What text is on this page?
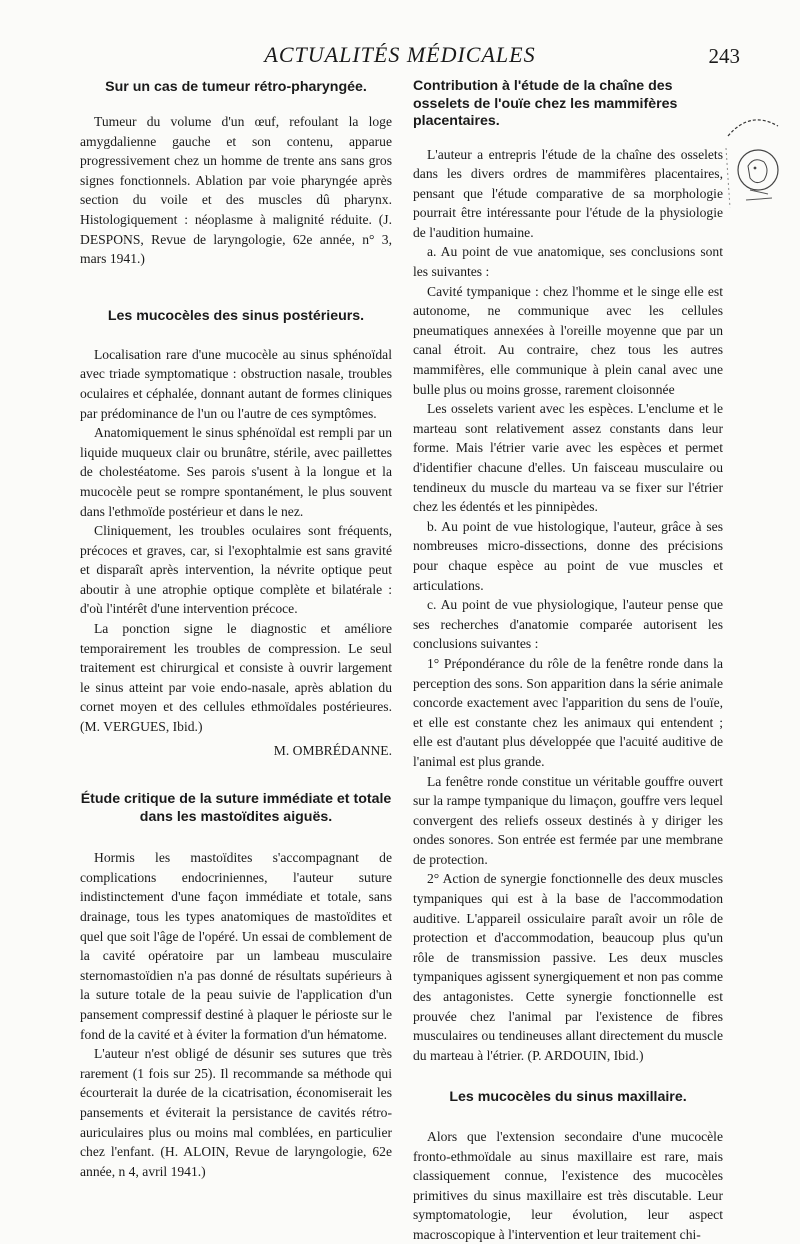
ACTUALITÉS MÉDICALES	243
Sur un cas de tumeur rétro-pharyngée.

Tumeur du volume d'un œuf, refoulant la loge amygdalienne gauche et son contenu, apparue progressivement chez un homme de trente ans sans gros signes fonctionnels. Ablation par voie pharyngée après section du voile et des muscles dû pharynx. Histologiquement : néoplasme à malignité réduite. (J. DESPONS, Revue de laryngologie, 62e année, n° 3, mars 1941.)

Les mucocèles des sinus postérieurs.

Localisation rare d'une mucocèle au sinus sphénoïdal avec triade symptomatique : obstruction nasale, troubles oculaires et céphalée, donnant autant de formes cliniques par prédominance de l'un ou l'autre de ces symptômes.

Anatomiquement le sinus sphénoïdal est rempli par un liquide muqueux clair ou brunâtre, stérile, avec paillettes de cholestéatome. Ses parois s'usent à la longue et la mucocèle peut se rompre spontanément, le plus souvent dans l'ethmoïde postérieur et dans le nez.

Cliniquement, les troubles oculaires sont fréquents, précoces et graves, car, si l'exophtalmie est sans gravité et disparaît après intervention, la névrite optique peut aboutir à une atrophie optique complète et bilatérale : d'où l'intérêt d'une intervention précoce.

La ponction signe le diagnostic et améliore temporairement les troubles de compression. Le seul traitement est chirurgical et consiste à ouvrir largement le sinus atteint par voie endo-nasale, après ablation du cornet moyen et des cellules ethmoïdales postérieures. (M. VERGUES, Ibid.)

M. OMBRÉDANNE.

Étude critique de la suture immédiate et totale dans les mastoïdites aiguës.

Hormis les mastoïdites s'accompagnant de complications endocriniennes, l'auteur suture indistinctement d'une façon immédiate et totale, sans drainage, tous les types anatomiques de mastoïdites et quel que soit l'âge de l'opéré. Un essai de comblement de la cavité opératoire par un lambeau musculaire sternomastoïdien n'a pas donné de résultats supérieurs à la suture totale de la peau suivie de l'application d'un pansement compressif destiné à plaquer le périoste sur le fond de la cavité et à éviter la formation d'un hématome.

L'auteur n'est obligé de désunir ses sutures que très rarement (1 fois sur 25). Il recommande sa méthode qui écourterait la durée de la cicatrisation, économiserait les pansements et éviterait la persistance de cavités rétro-auriculaires plus ou moins mal comblées, en particulier chez l'enfant. (H. ALOIN, Revue de laryngologie, 62e année, n 4, avril 1941.)

Contribution à l'étude de la chaîne des osselets de l'ouïe chez les mammifères placentaires.

L'auteur a entrepris l'étude de la chaîne des osselets dans les divers ordres de mammifères placentaires, pensant que l'étude comparative de sa morphologie pourrait être intéressante pour l'étude de la physiologie de l'audition humaine.

a. Au point de vue anatomique, ses conclusions sont les suivantes :

Cavité tympanique : chez l'homme et le singe elle est autonome, ne communique avec les cellules pneumatiques annexées à l'oreille moyenne que par un canal étroit. Au contraire, chez tous les autres mammifères, elle communique à plein canal avec une bulle plus ou moins grosse, rarement cloisonnée

Les osselets varient avec les espèces. L'enclume et le marteau sont relativement assez constants dans leur forme. Mais l'étrier varie avec les espèces et permet d'identifier chacune d'elles. Un faisceau musculaire ou tendineux du muscle du marteau va se fixer sur l'étrier chez les édentés et les pinnipèdes.

b. Au point de vue histologique, l'auteur, grâce à ses nombreuses micro-dissections, donne des précisions pour chaque espèce au point de vue muscles et articulations.

c. Au point de vue physiologique, l'auteur pense que ses recherches d'anatomie comparée autorisent les conclusions suivantes :

1° Prépondérance du rôle de la fenêtre ronde dans la perception des sons. Son apparition dans la série animale concorde exactement avec l'apparition du sens de l'ouïe, et elle est constante chez les animaux qui entendent ; elle est d'autant plus développée que l'acuité auditive de l'animal est plus grande.

La fenêtre ronde constitue un véritable gouffre ouvert sur la rampe tympanique du limaçon, gouffre vers lequel convergent des reliefs osseux destinés à y diriger les ondes sonores. Son entrée est fermée par une membrane de protection.

2° Action de synergie fonctionnelle des deux muscles tympaniques qui est à la base de l'accommodation auditive. L'appareil ossiculaire paraît avoir un rôle de protection et d'accommodation, beaucoup plus qu'un rôle de transmission passive. Les deux muscles tympaniques agissent synergiquement et non pas comme des antagonistes. Cette synergie fonctionnelle est prouvée chez l'animal par l'existence de fibres musculaires ou tendineuses allant directement du muscle du marteau à l'étrier. (P. ARDOUIN, Ibid.)

Les mucocèles du sinus maxillaire.

Alors que l'extension secondaire d'une mucocèle fronto-ethmoïdale au sinus maxillaire est rare, mais classiquement connue, l'existence des mucocèles primitives du sinus maxillaire est très discutable. Leur symptomatologie, leur évolution, leur aspect macroscopique à l'intervention et leur traitement chi-
